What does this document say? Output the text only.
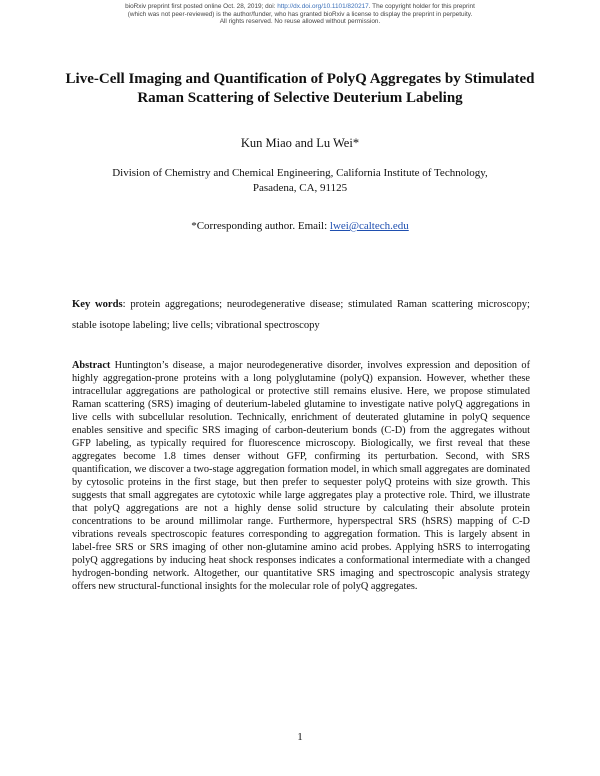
bioRxiv preprint first posted online Oct. 28, 2019; doi: http://dx.doi.org/10.1101/820217. The copyright holder for this preprint
(which was not peer-reviewed) is the author/funder, who has granted bioRxiv a license to display the preprint in perpetuity.
All rights reserved. No reuse allowed without permission.
Live-Cell Imaging and Quantification of PolyQ Aggregates by Stimulated Raman Scattering of Selective Deuterium Labeling
Kun Miao and Lu Wei*
Division of Chemistry and Chemical Engineering, California Institute of Technology,
Pasadena, CA, 91125
*Corresponding author. Email: lwei@caltech.edu
Key words: protein aggregations; neurodegenerative disease; stimulated Raman scattering microscopy; stable isotope labeling; live cells; vibrational spectroscopy
Abstract Huntington’s disease, a major neurodegenerative disorder, involves expression and deposition of highly aggregation-prone proteins with a long polyglutamine (polyQ) expansion. However, whether these intracellular aggregations are pathological or protective still remains elusive. Here, we propose stimulated Raman scattering (SRS) imaging of deuterium-labeled glutamine to investigate native polyQ aggregations in live cells with subcellular resolution. Technically, enrichment of deuterated glutamine in polyQ sequence enables sensitive and specific SRS imaging of carbon-deuterium bonds (C-D) from the aggregates without GFP labeling, as typically required for fluorescence microscopy. Biologically, we first reveal that these aggregates become 1.8 times denser without GFP, confirming its perturbation. Second, with SRS quantification, we discover a two-stage aggregation formation model, in which small aggregates are dominated by cytosolic proteins in the first stage, but then prefer to sequester polyQ proteins with size growth. This suggests that small aggregates are cytotoxic while large aggregates play a protective role. Third, we illustrate that polyQ aggregations are not a highly dense solid structure by calculating their absolute protein concentrations to be around millimolar range. Furthermore, hyperspectral SRS (hSRS) mapping of C-D vibrations reveals spectroscopic features corresponding to aggregation formation. This is largely absent in label-free SRS or SRS imaging of other non-glutamine amino acid probes. Applying hSRS to interrogating polyQ aggregations by inducing heat shock responses indicates a conformational intermediate with a changed hydrogen-bonding network. Altogether, our quantitative SRS imaging and spectroscopic analysis strategy offers new structural-functional insights for the molecular role of polyQ aggregates.
1
